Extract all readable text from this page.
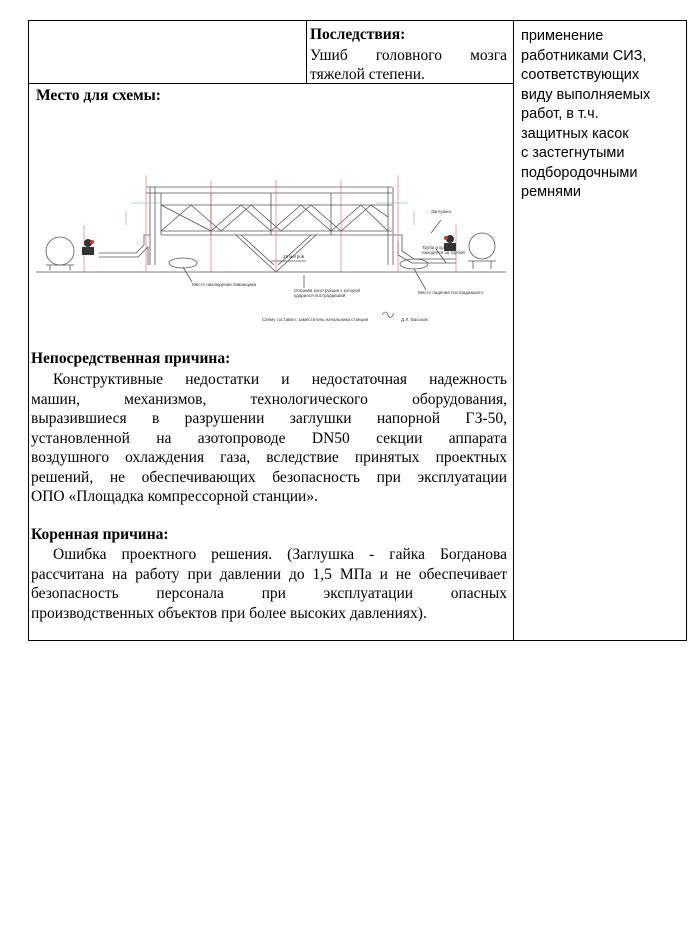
Последствия:
Ушиб головного мозга
тяжелой степени.
применение
работниками СИЗ,
соответствующих
виду выполняемых
работ, в т.ч.
защитных касок
с застегнутыми
подбородочными
ремнями
Место для схемы:
Заглушка
Труба и кран
находятся за трубой
15 метров
Место нахождения ливанщика
Опорная конструкция к которой
ударился пострадавший
Место падения пострадавшего
Схему составил: заместитель начальника станции	Д.Л. Васьков
Непосредственная причина:
Конструктивные недостатки и недостаточная надежность
машин, механизмов, технологического оборудования,
выразившиеся в разрушении заглушки напорной ГЗ-50,
установленной на азотопроводе DN50 секции аппарата
воздушного охлаждения газа, вследствие принятых проектных
решений, не обеспечивающих безопасность при эксплуатации
ОПО «Площадка компрессорной станции».
Коренная причина:
Ошибка проектного решения. (Заглушка - гайка Богданова
рассчитана на работу при давлении до 1,5 МПа и не обеспечивает
безопасность персонала при эксплуатации опасных
производственных объектов при более высоких давлениях).
